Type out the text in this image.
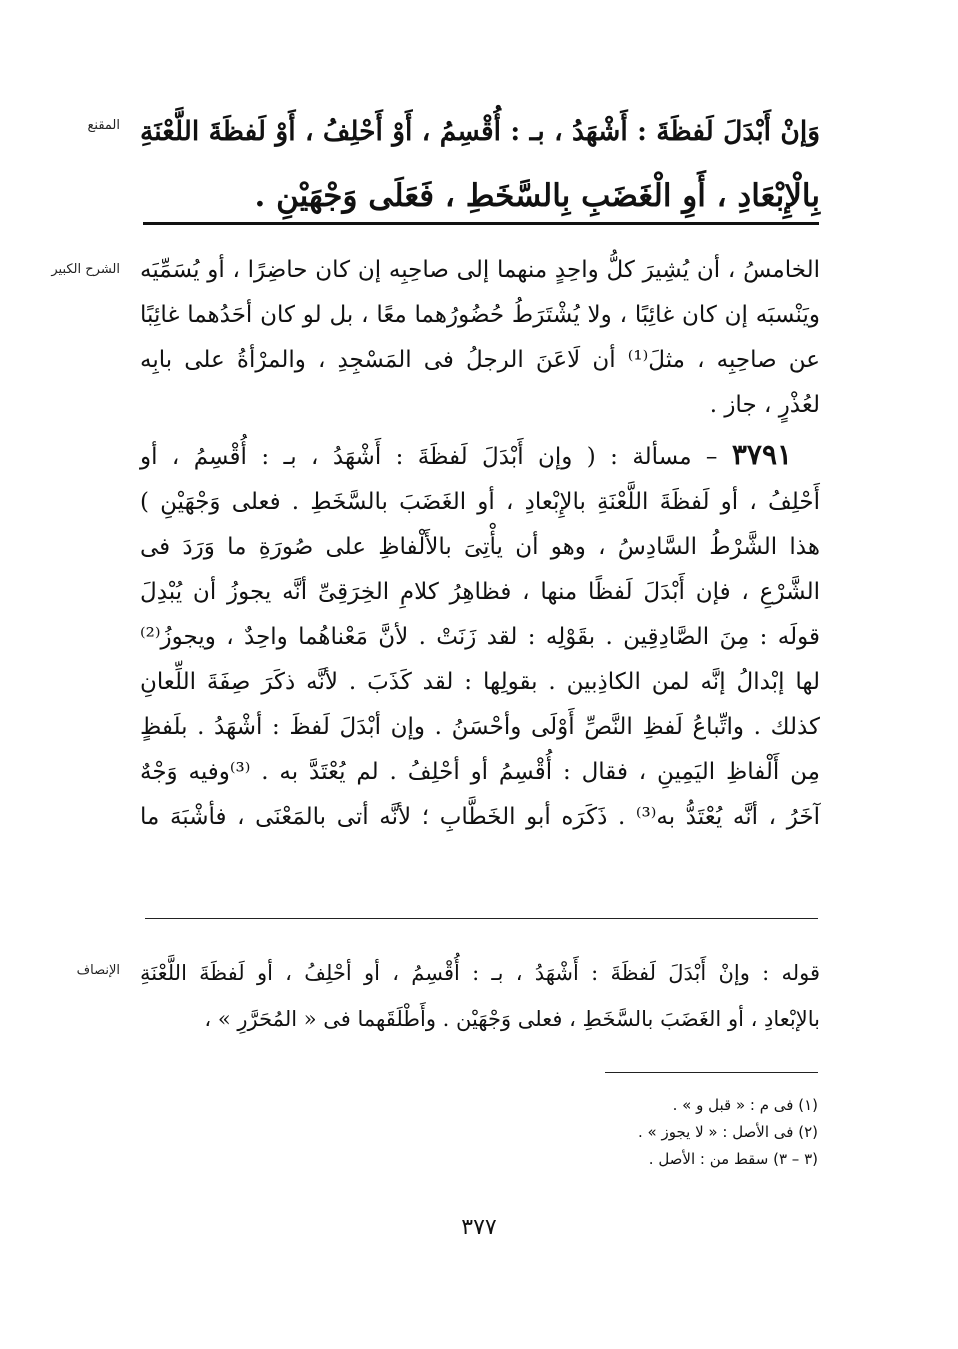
المقنع وَإنْ أَبْدَلَ لَفظَةَ : أَشْهَدُ ، بـ : أُقْسِمُ ، أَوْ أَحْلِفُ ، أَوْ لَفظَةَ اللَّعْنَةِ

بِالْإِبْعَادِ ، أَوِ الْغَضَبِ بِالسَّخَطِ ، فَعَلَى وَجْهَيْنِ .

الشرح الكبير الخامسُ ، أن يُشِيرَ كلُّ واحِدٍ منهما إلى صاحِبِه إن كان حاضِرًا ، أو يُسَمِّيَه

ويَنْسبَه إن كان غائِبًا ، ولا يُشْتَرَطُ حُضُورُهما معًا ، بل لو كان أحَدُهما غائِبًا

عن صاحِبِه ، مثلَ⁽¹⁾ أن لَاعَنَ الرجلُ فى المَسْجِدِ ، والمرْأةُ على بابِه

لعُذْرٍ ، جاز .

٣٧٩١ – مسألة : ( وإن أَبْدَلَ لَفظَةَ : أَشْهَدُ ، بـ : أُقْسِمُ ، أو

أَحْلِفُ ، أو لَفظَةَ اللَّعْنَةِ بالإِبْعادِ ، أو الغَضَبَ بالسَّخَطِ . فعلى وَجْهَيْنِ )

هذا الشَّرْطُ السَّادِسُ ، وهو أن يأْتِىَ بالأَلْفاظِ على صُورَةِ ما وَرَدَ فى

الشَّرْعِ ، فإن أَبْدَلَ لَفظًا منها ، فظاهِرُ كلامِ الخِرَقِىِّ أنَّه يجوزُ أن يُبْدِلَ

قولَه : مِنَ الصَّادِقِين . بقَوْلِه : لقد زَنَتْ . لأنَّ مَعْناهُما واحِدٌ ، ويجوزُ⁽²⁾

لها إبْدالُ إنَّه لمن الكاذِبين . بقولِها : لقد كَذَبَ . لأنَّه ذكَرَ صِفَةَ اللِّعانِ

كذلك . واتِّباعُ لَفظِ النَّصِّ أَوْلَى وأحْسَنُ . وإن أبْدَلَ لَفظَ : أشْهَدُ . بلَفظٍ

مِن أَلْفاظِ اليَمِينِ ، فقال : أُقْسِمُ أو أحْلِفُ . لم يُعْتَدَّ به . ⁽³⁾وفيه وَجْهٌ

آخَرُ ، أنَّه يُعْتَدُّ به⁽³⁾ . ذَكَرَه أبو الخَطَّابِ ؛ لأنَّه أتى بالمَعْنَى ، فأشْبَهَ ما

الإنصاف قوله : وإنْ أَبْدَلَ لَفظَةَ : أَشْهَدُ ، بـ : أُقْسِمُ ، أو أحْلِفُ ، أو لَفظَةَ اللَّعْنَةِ

بالإبْعادِ ، أو الغَضَبَ بالسَّخَطِ ، فعلى وَجْهَيْن . وأَطْلَقَهما فى « المُحَرَّرِ » ،

(١) فى م : « قبل و » .

(٢) فى الأصل : « لا يجوز » .

(٣ – ٣) سقط من : الأصل .

٣٧٧
